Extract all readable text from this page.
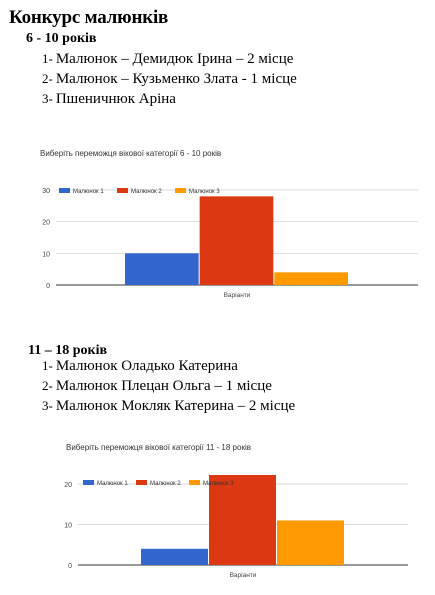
Конкурс малюнків
6 - 10 років
1- Малюнок – Демидюк Ірина – 2 місце
2- Малюнок – Кузьменко Злата - 1 місце
3- Пшеничнюк Аріна
Виберіть переможця вікової категорії 6 - 10 років
0
10
20
30
Варіанти
Малюнок 1	Малюнок 2	Малюнок 3
11 – 18 років
1- Малюнок Оладько Катерина
2- Малюнок Плецан Ольга – 1 місце
3- Малюнок Мокляк Катерина – 2 місце
Виберіть переможця вікової категорії 11 - 18 років
0
10
20
Варіанти
Малюнок 1	Малюнок 2	Малюнок 3
